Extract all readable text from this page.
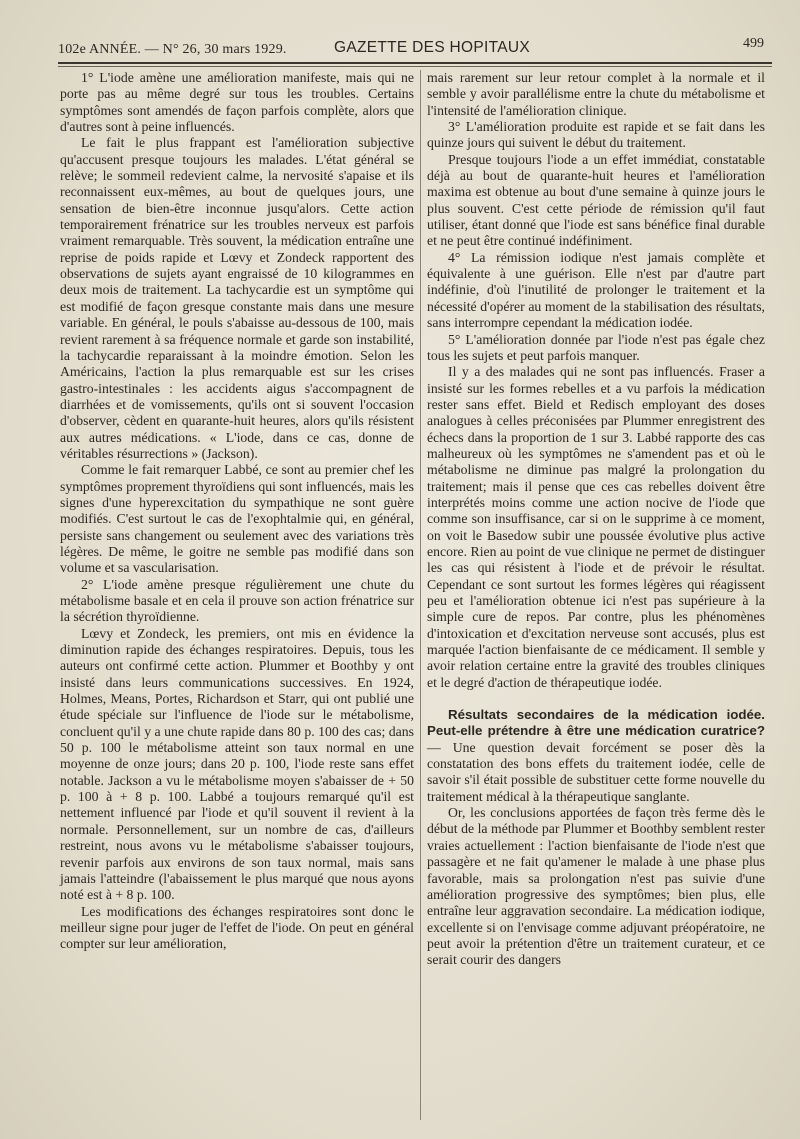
102e ANNÉE. — N° 26, 30 mars 1929.	GAZETTE DES HOPITAUX	499

1° L'iode amène une amélioration manifeste, mais qui ne porte pas au même degré sur tous les troubles. Certains symptômes sont amendés de façon parfois complète, alors que d'autres sont à peine influencés.

Le fait le plus frappant est l'amélioration subjective qu'accusent presque toujours les malades. L'état général se relève; le sommeil redevient calme, la nervosité s'apaise et ils reconnaissent eux-mêmes, au bout de quelques jours, une sensation de bien-être inconnue jusqu'alors. Cette action temporairement frénatrice sur les troubles nerveux est parfois vraiment remarquable. Très souvent, la médication entraîne une reprise de poids rapide et Lœvy et Zondeck rapportent des observations de sujets ayant engraissé de 10 kilogrammes en deux mois de traitement. La tachycardie est un symptôme qui est modifié de façon gresque constante mais dans une mesure variable. En général, le pouls s'abaisse au-dessous de 100, mais revient rarement à sa fréquence normale et garde son instabilité, la tachycardie reparaissant à la moindre émotion. Selon les Américains, l'action la plus remarquable est sur les crises gastro-intestinales : les accidents aigus s'accompagnent de diarrhées et de vomissements, qu'ils ont si souvent l'occasion d'observer, cèdent en quarante-huit heures, alors qu'ils résistent aux autres médications. « L'iode, dans ce cas, donne de véritables résurrections » (Jackson).

Comme le fait remarquer Labbé, ce sont au premier chef les symptômes proprement thyroïdiens qui sont influencés, mais les signes d'une hyperexcitation du sympathique ne sont guère modifiés. C'est surtout le cas de l'exophtalmie qui, en général, persiste sans changement ou seulement avec des variations très légères. De même, le goitre ne semble pas modifié dans son volume et sa vascularisation.

2° L'iode amène presque régulièrement une chute du métabolisme basale et en cela il prouve son action frénatrice sur la sécrétion thyroïdienne.

Lœvy et Zondeck, les premiers, ont mis en évidence la diminution rapide des échanges respiratoires. Depuis, tous les auteurs ont confirmé cette action. Plummer et Boothby y ont insisté dans leurs communications successives. En 1924, Holmes, Means, Portes, Richardson et Starr, qui ont publié une étude spéciale sur l'influence de l'iode sur le métabolisme, concluent qu'il y a une chute rapide dans 80 p. 100 des cas; dans 50 p. 100 le métabolisme atteint son taux normal en une moyenne de onze jours; dans 20 p. 100, l'iode reste sans effet notable. Jackson a vu le métabolisme moyen s'abaisser de + 50 p. 100 à + 8 p. 100. Labbé a toujours remarqué qu'il est nettement influencé par l'iode et qu'il souvent il revient à la normale. Personnellement, sur un nombre de cas, d'ailleurs restreint, nous avons vu le métabolisme s'abaisser toujours, revenir parfois aux environs de son taux normal, mais sans jamais l'atteindre (l'abaissement le plus marqué que nous ayons noté est à + 8 p. 100.

Les modifications des échanges respiratoires sont donc le meilleur signe pour juger de l'effet de l'iode. On peut en général compter sur leur amélioration,

mais rarement sur leur retour complet à la normale et il semble y avoir parallélisme entre la chute du métabolisme et l'intensité de l'amélioration clinique.

3° L'amélioration produite est rapide et se fait dans les quinze jours qui suivent le début du traitement.

Presque toujours l'iode a un effet immédiat, constatable déjà au bout de quarante-huit heures et l'amélioration maxima est obtenue au bout d'une semaine à quinze jours le plus souvent. C'est cette période de rémission qu'il faut utiliser, étant donné que l'iode est sans bénéfice final durable et ne peut être continué indéfiniment.

4° La rémission iodique n'est jamais complète et équivalente à une guérison. Elle n'est par d'autre part indéfinie, d'où l'inutilité de prolonger le traitement et la nécessité d'opérer au moment de la stabilisation des résultats, sans interrompre cependant la médication iodée.

5° L'amélioration donnée par l'iode n'est pas égale chez tous les sujets et peut parfois manquer.

Il y a des malades qui ne sont pas influencés. Fraser a insisté sur les formes rebelles et a vu parfois la médication rester sans effet. Bield et Redisch employant des doses analogues à celles préconisées par Plummer enregistrent des échecs dans la proportion de 1 sur 3. Labbé rapporte des cas malheureux où les symptômes ne s'amendent pas et où le métabolisme ne diminue pas malgré la prolongation du traitement; mais il pense que ces cas rebelles doivent être interprétés moins comme une action nocive de l'iode que comme son insuffisance, car si on le supprime à ce moment, on voit le Basedow subir une poussée évolutive plus active encore. Rien au point de vue clinique ne permet de distinguer les cas qui résistent à l'iode et de prévoir le résultat. Cependant ce sont surtout les formes légères qui réagissent peu et l'amélioration obtenue ici n'est pas supérieure à la simple cure de repos. Par contre, plus les phénomènes d'intoxication et d'excitation nerveuse sont accusés, plus est marquée l'action bienfaisante de ce médicament. Il semble y avoir relation certaine entre la gravité des troubles cliniques et le degré d'action de thérapeutique iodée.

Résultats secondaires de la médication iodée. Peut-elle prétendre à être une médication curatrice? — Une question devait forcément se poser dès la constatation des bons effets du traitement iodée, celle de savoir s'il était possible de substituer cette forme nouvelle du traitement médical à la thérapeutique sanglante.

Or, les conclusions apportées de façon très ferme dès le début de la méthode par Plummer et Boothby semblent rester vraies actuellement : l'action bienfaisante de l'iode n'est que passagère et ne fait qu'amener le malade à une phase plus favorable, mais sa prolongation n'est pas suivie d'une amélioration progressive des symptômes; bien plus, elle entraîne leur aggravation secondaire. La médication iodique, excellente si on l'envisage comme adjuvant préopératoire, ne peut avoir la prétention d'être un traitement curateur, et ce serait courir des dangers
